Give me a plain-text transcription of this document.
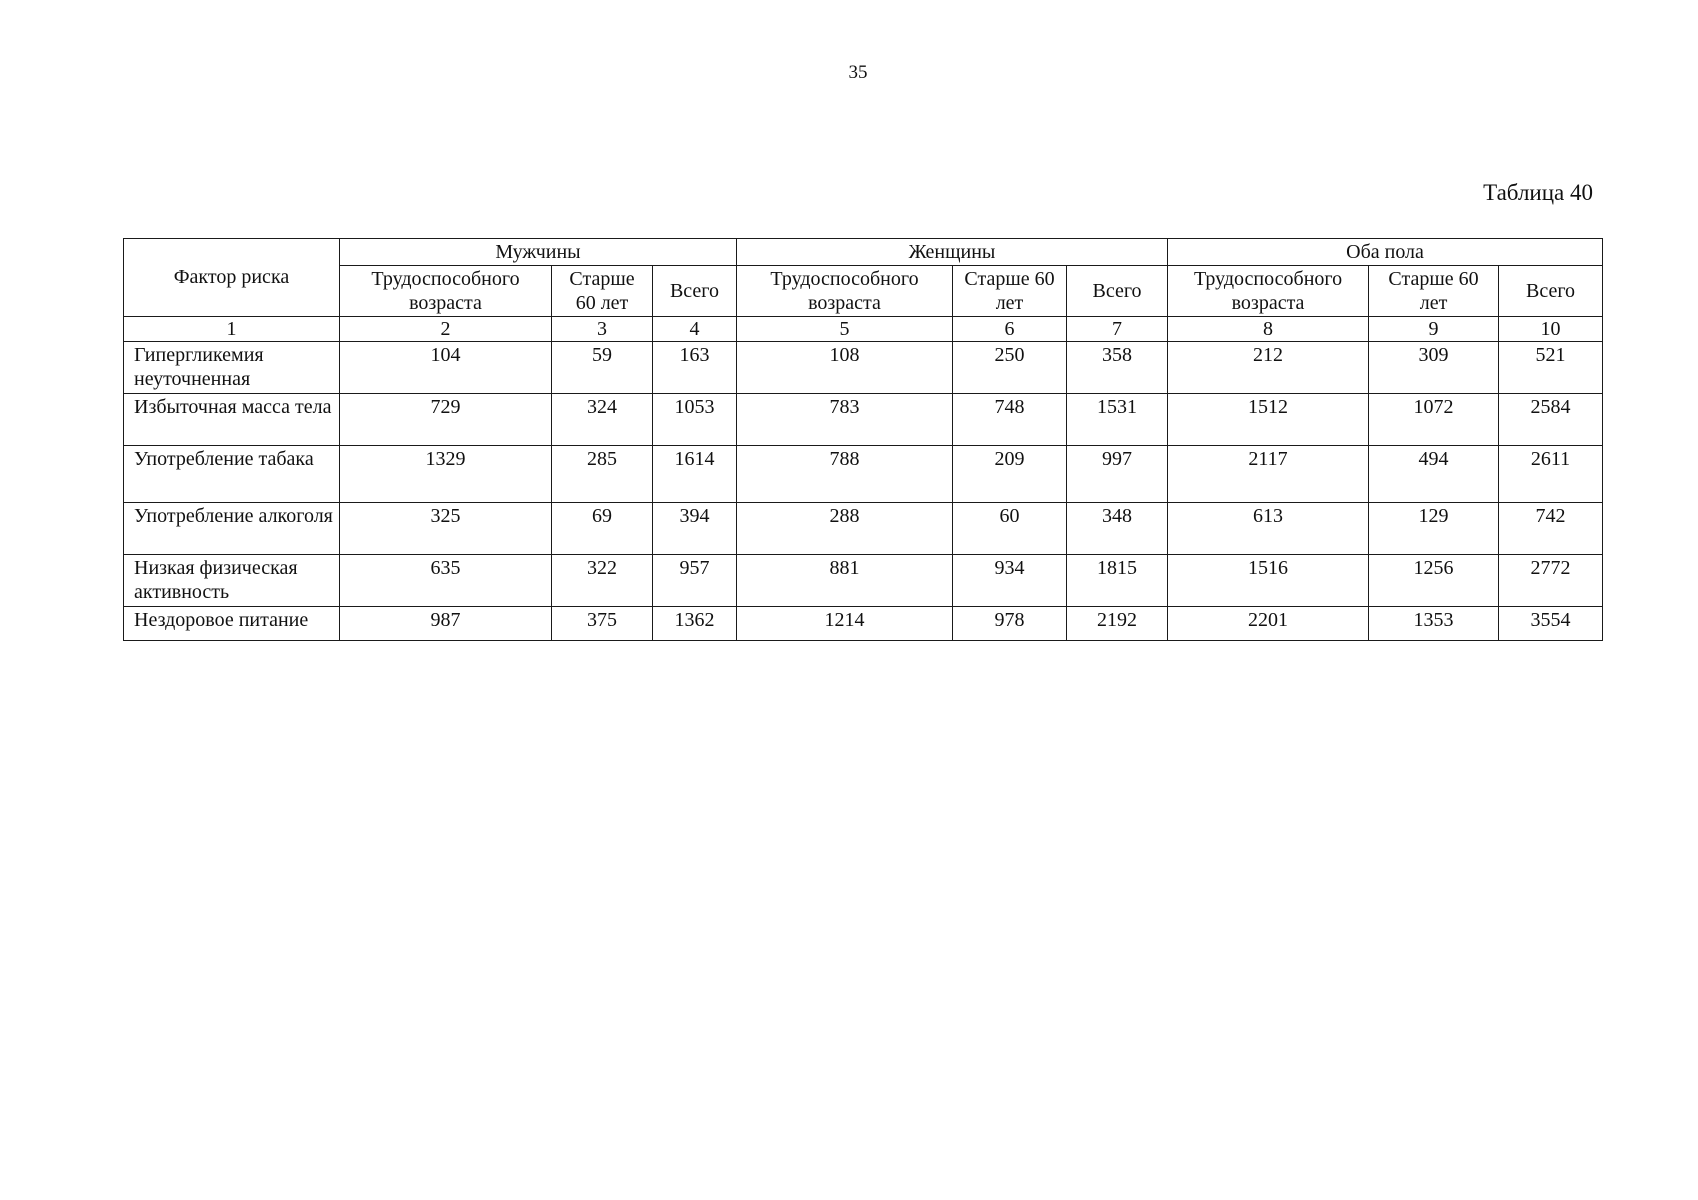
35
Таблица 40
Фактор риска	Мужчины			Женщины			Оба пола		
	Трудоспособного возраста	Старше 60 лет	Всего	Трудоспособного возраста	Старше 60 лет	Всего	Трудоспособного возраста	Старше 60 лет	Всего
1	2	3	4	5	6	7	8	9	10
Гипергликемия неуточненная	104	59	163	108	250	358	212	309	521
Избыточная масса тела	729	324	1053	783	748	1531	1512	1072	2584
Употребление табака	1329	285	1614	788	209	997	2117	494	2611
Употребление алкоголя	325	69	394	288	60	348	613	129	742
Низкая физическая активность	635	322	957	881	934	1815	1516	1256	2772
Нездоровое питание	987	375	1362	1214	978	2192	2201	1353	3554
